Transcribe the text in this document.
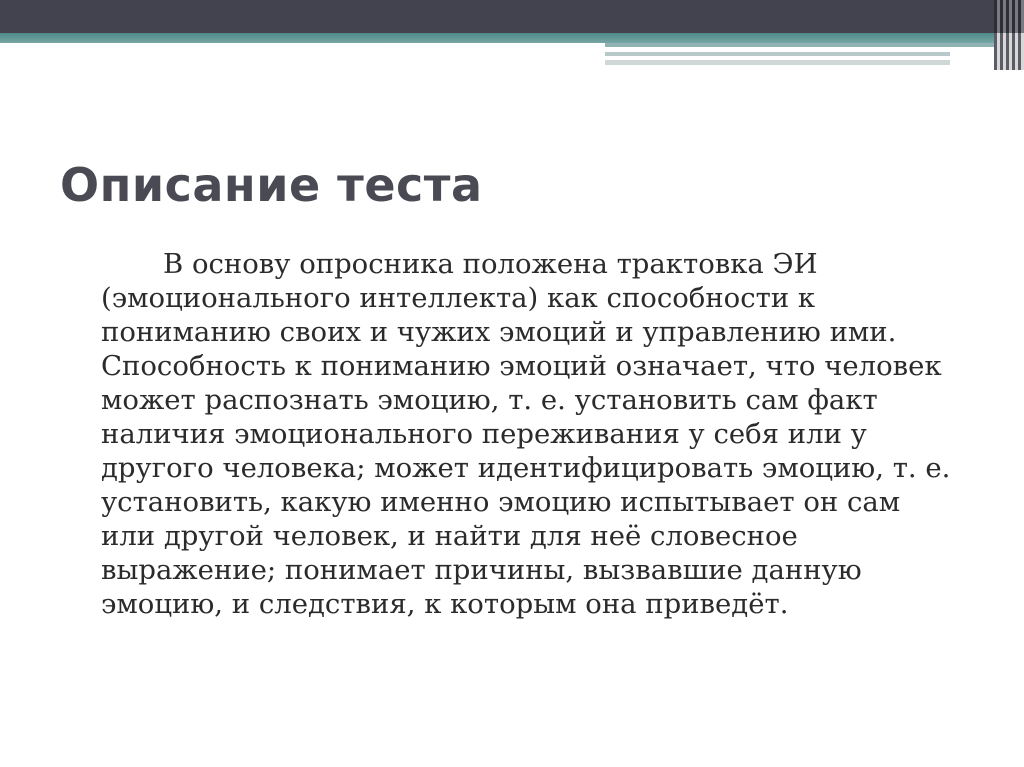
Описание теста

В основу опросника положена трактовка ЭИ (эмоционального интеллекта) как способности к пониманию своих и чужих эмоций и управлению ими. Способность к пониманию эмоций означает, что человек может распознать эмоцию, т. е. установить сам факт наличия эмоционального переживания у себя или у другого человека; может идентифицировать эмоцию, т. е. установить, какую именно эмоцию испытывает он сам или другой человек, и найти для неё словесное выражение; понимает причины, вызвавшие данную эмоцию, и следствия, к которым она приведёт.
